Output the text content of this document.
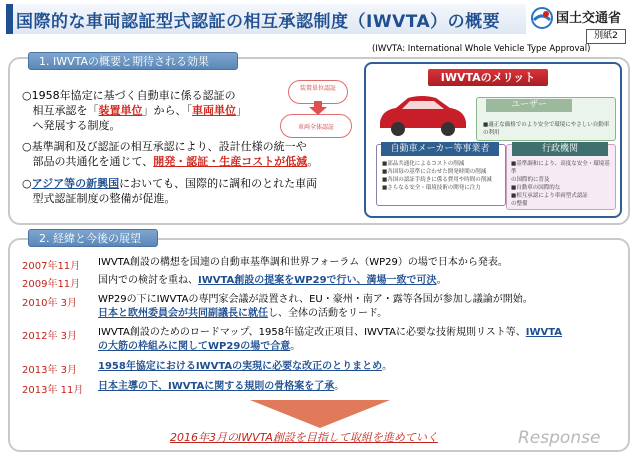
国際的な車両認証型式認証の相互承認制度（IWVTA）の概要	国土交通省
別紙2
1. IWVTAの概要と期待される効果
(IWVTA: International Whole Vehicle Type Approval)
○1958年協定に基づく自動車に係る認証の
相互承認を「装置単位」から、「車両単位」
へ発展する制度。
○基準調和及び認証の相互承認により、設計仕様の統一や
部品の共通化を通じて、開発・認証・生産コストが低減。
○アジア等の新興国においても、国際的に調和のとれた車両
型式認証制度の整備が促進。
装置単位認証
車両全体認証
IWVTAのメリット
ユーザー
■適正な価格でのより安全で環境にやさしい自動車の利用
自動車メーカー等事業者
■部品共通化によるコストの削減
■各国毎の基準に合わせた開発時間の削減
■各国の認証手続きに係る費用や時間の削減
■さらなる安全・環境技術の開発に注力
行政機関
■基準調和により、高度な安全・環境基準
の国際的に普及
■自動車の国際的な
■相互承認により車両型式認証
の整備
2. 経緯と今後の展望
2007年11月 IWVTA創設の構想を国連の自動車基準調和世界フォーラム（WP29）の場で日本から発表。
2009年11月 国内での検討を重ね、IWVTA創設の提案をWP29で行い、満場一致で可決。
2010年 3月 WP29の下にIWVTAの専門家会議が設置され、EU・豪州・南ア・露等各国が参加し議論が開始。
日本と欧州委員会が共同副議長に就任し、全体の活動をリード。
2012年 3月 IWVTA創設のためのロードマップ、1958年協定改正項目、IWVTAに必要な技術規則リスト等、IWVTA
の大筋の枠組みに関してWP29の場で合意。
2013年 3月 1958年協定におけるIWVTAの実現に必要な改正のとりまとめ。
2013年 11月 日本主導の下、IWVTAに関する規則の骨格案を了承。
2016年3月のIWVTA創設を目指して取組を進めていく	Response
